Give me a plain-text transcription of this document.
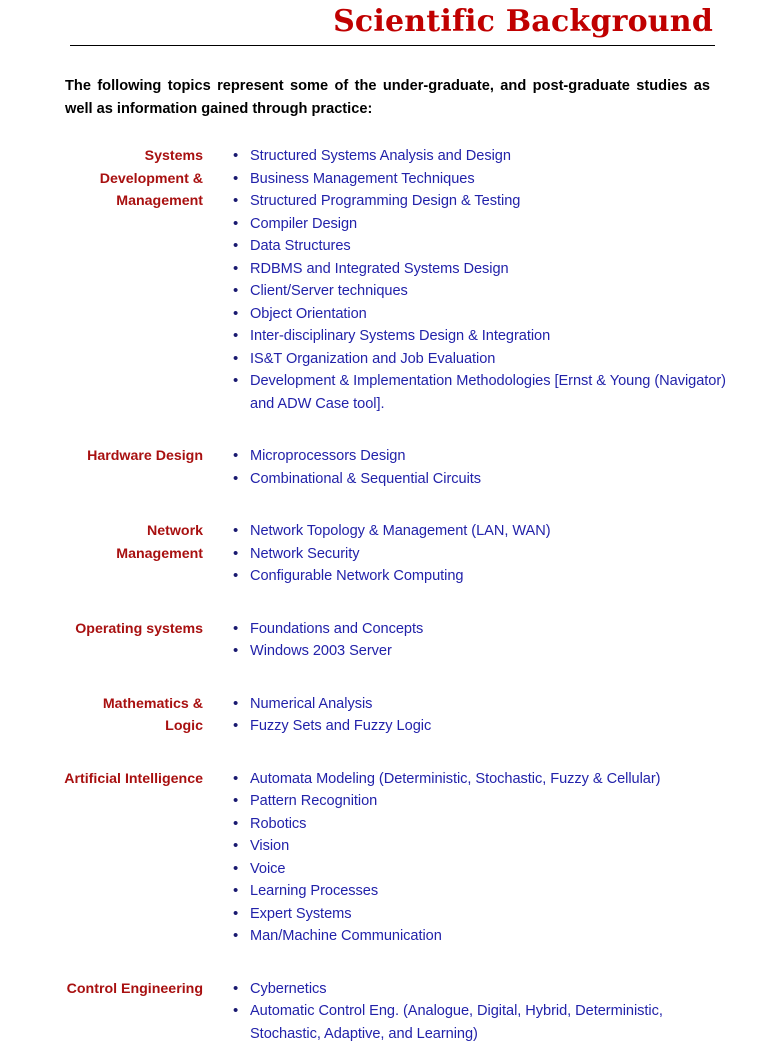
Scientific Background

The following topics represent some of the under-graduate, and post-graduate studies as well as information gained through practice:

Systems Development & Management
• Structured Systems Analysis and Design
• Business Management Techniques
• Structured Programming Design & Testing
• Compiler Design
• Data Structures
• RDBMS and Integrated Systems Design
• Client/Server techniques
• Object Orientation
• Inter-disciplinary Systems Design & Integration
• IS&T Organization and Job Evaluation
• Development & Implementation Methodologies [Ernst & Young (Navigator) and ADW Case tool].
Hardware Design • Microprocessors Design
• Combinational & Sequential Circuits
Network Management
• Network Topology & Management (LAN, WAN)
• Network Security
• Configurable Network Computing
Operating systems • Foundations and Concepts
• Windows 2003 Server
Mathematics & Logic
• Numerical Analysis
• Fuzzy Sets and Fuzzy Logic
Artificial Intelligence • Automata Modeling (Deterministic, Stochastic, Fuzzy & Cellular)
• Pattern Recognition
• Robotics
• Vision
• Voice
• Learning Processes
• Expert Systems
• Man/Machine Communication
Control Engineering • Cybernetics
• Automatic Control Eng. (Analogue, Digital, Hybrid, Deterministic, Stochastic, Adaptive, and Learning)
